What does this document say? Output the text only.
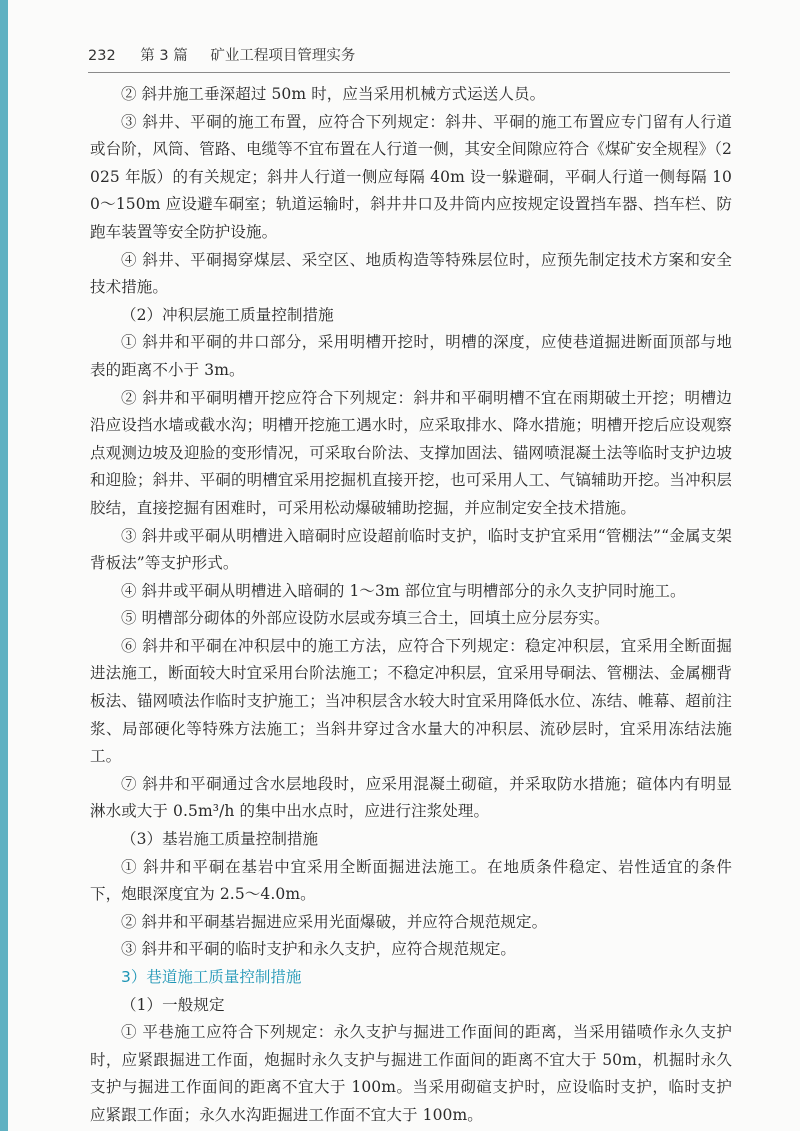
232 第 3 篇 矿业工程项目管理实务

② 斜井施工垂深超过 50m 时，应当采用机械方式运送人员。

③ 斜井、平硐的施工布置，应符合下列规定：斜井、平硐的施工布置应专门留有人行道或台阶，风筒、管路、电缆等不宜布置在人行道一侧，其安全间隙应符合《煤矿安全规程》（2025 年版）的有关规定；斜井人行道一侧应每隔 40m 设一躲避硐，平硐人行道一侧每隔 100～150m 应设避车硐室；轨道运输时，斜井井口及井筒内应按规定设置挡车器、挡车栏、防跑车装置等安全防护设施。

④ 斜井、平硐揭穿煤层、采空区、地质构造等特殊层位时，应预先制定技术方案和安全技术措施。

（2）冲积层施工质量控制措施

① 斜井和平硐的井口部分，采用明槽开挖时，明槽的深度，应使巷道掘进断面顶部与地表的距离不小于 3m。

② 斜井和平硐明槽开挖应符合下列规定：斜井和平硐明槽不宜在雨期破土开挖；明槽边沿应设挡水墙或截水沟；明槽开挖施工遇水时，应采取排水、降水措施；明槽开挖后应设观察点观测边坡及迎脸的变形情况，可采取台阶法、支撑加固法、锚网喷混凝土法等临时支护边坡和迎脸；斜井、平硐的明槽宜采用挖掘机直接开挖，也可采用人工、气镐辅助开挖。当冲积层胶结，直接挖掘有困难时，可采用松动爆破辅助挖掘，并应制定安全技术措施。

③ 斜井或平硐从明槽进入暗硐时应设超前临时支护，临时支护宜采用“管棚法”“金属支架背板法”等支护形式。

④ 斜井或平硐从明槽进入暗硐的 1～3m 部位宜与明槽部分的永久支护同时施工。

⑤ 明槽部分砌体的外部应设防水层或夯填三合土，回填土应分层夯实。

⑥ 斜井和平硐在冲积层中的施工方法，应符合下列规定：稳定冲积层，宜采用全断面掘进法施工，断面较大时宜采用台阶法施工；不稳定冲积层，宜采用导硐法、管棚法、金属棚背板法、锚网喷法作临时支护施工；当冲积层含水较大时宜采用降低水位、冻结、帷幕、超前注浆、局部硬化等特殊方法施工；当斜井穿过含水量大的冲积层、流砂层时，宜采用冻结法施工。

⑦ 斜井和平硐通过含水层地段时，应采用混凝土砌碹，并采取防水措施；碹体内有明显淋水或大于 0.5m³/h 的集中出水点时，应进行注浆处理。

（3）基岩施工质量控制措施

① 斜井和平硐在基岩中宜采用全断面掘进法施工。在地质条件稳定、岩性适宜的条件下，炮眼深度宜为 2.5～4.0m。

② 斜井和平硐基岩掘进应采用光面爆破，并应符合规范规定。

③ 斜井和平硐的临时支护和永久支护，应符合规范规定。

3）巷道施工质量控制措施

（1）一般规定

① 平巷施工应符合下列规定：永久支护与掘进工作面间的距离，当采用锚喷作永久支护时，应紧跟掘进工作面，炮掘时永久支护与掘进工作面间的距离不宜大于 50m，机掘时永久支护与掘进工作面间的距离不宜大于 100m。当采用砌碹支护时，应设临时支护，临时支护应紧跟工作面；永久水沟距掘进工作面不宜大于 100m。
